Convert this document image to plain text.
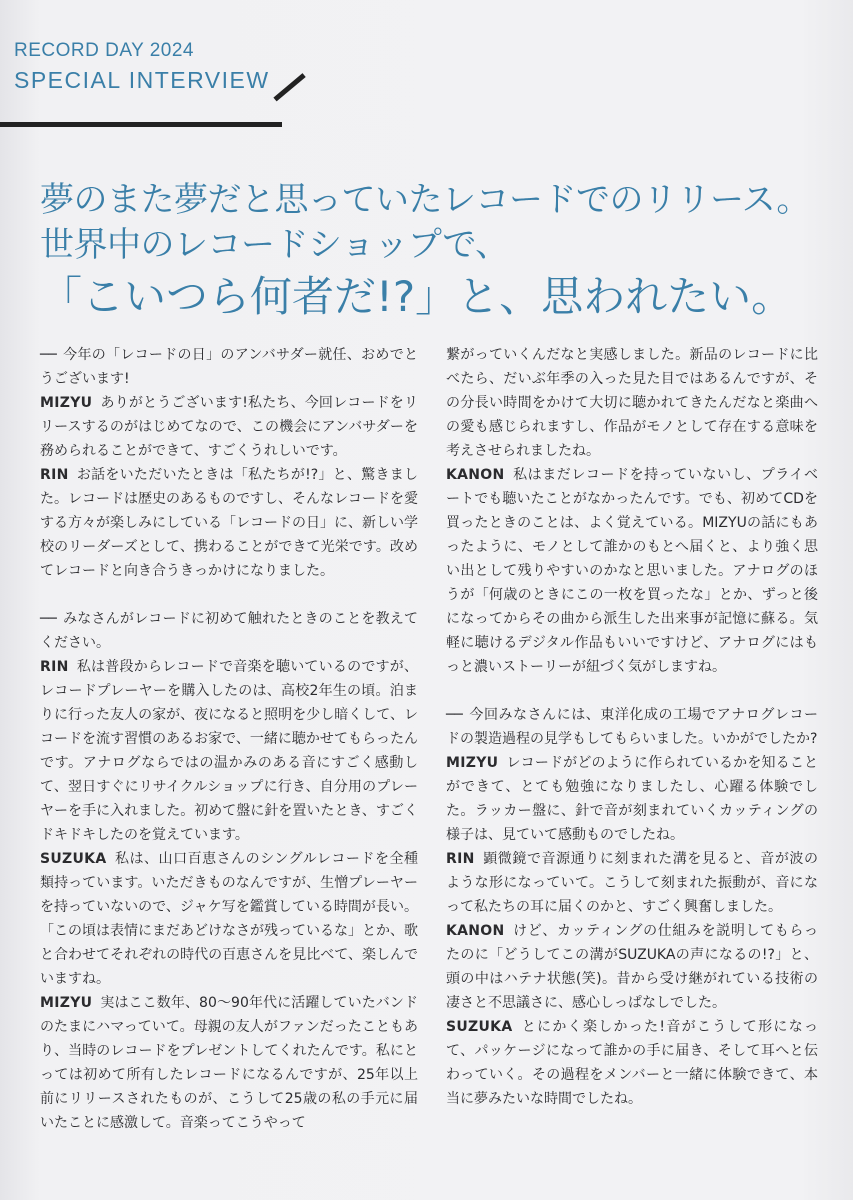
RECORD DAY 2024
SPECIAL INTERVIEW
夢のまた夢だと思っていたレコードでのリリース。
世界中のレコードショップで、
「こいつら何者だ!?」と、思われたい。

── 今年の「レコードの日」のアンバサダー就任、おめでとうございます!

MIZYU ありがとうございます!私たち、今回レコードをリリースするのがはじめてなので、この機会にアンバサダーを務められることができて、すごくうれしいです。

RIN お話をいただいたときは「私たちが!?」と、驚きました。レコードは歴史のあるものですし、そんなレコードを愛する方々が楽しみにしている「レコードの日」に、新しい学校のリーダーズとして、携わることができて光栄です。改めてレコードと向き合うきっかけになりました。

── みなさんがレコードに初めて触れたときのことを教えてください。

RIN 私は普段からレコードで音楽を聴いているのですが、レコードプレーヤーを購入したのは、高校2年生の頃。泊まりに行った友人の家が、夜になると照明を少し暗くして、レコードを流す習慣のあるお家で、一緒に聴かせてもらったんです。アナログならではの温かみのある音にすごく感動して、翌日すぐにリサイクルショップに行き、自分用のプレーヤーを手に入れました。初めて盤に針を置いたとき、すごくドキドキしたのを覚えています。

SUZUKA 私は、山口百恵さんのシングルレコードを全種類持っています。いただきものなんですが、生憎プレーヤーを持っていないので、ジャケ写を鑑賞している時間が長い。「この頃は表情にまだあどけなさが残っているな」とか、歌と合わせてそれぞれの時代の百恵さんを見比べて、楽しんでいますね。

MIZYU 実はここ数年、80〜90年代に活躍していたバンドのたまにハマっていて。母親の友人がファンだったこともあり、当時のレコードをプレゼントしてくれたんです。私にとっては初めて所有したレコードになるんですが、25年以上前にリリースされたものが、こうして25歳の私の手元に届いたことに感激して。音楽ってこうやって

繋がっていくんだなと実感しました。新品のレコードに比べたら、だいぶ年季の入った見た目ではあるんですが、その分長い時間をかけて大切に聴かれてきたんだなと楽曲への愛も感じられますし、作品がモノとして存在する意味を考えさせられましたね。

KANON 私はまだレコードを持っていないし、プライベートでも聴いたことがなかったんです。でも、初めてCDを買ったときのことは、よく覚えている。MIZYUの話にもあったように、モノとして誰かのもとへ届くと、より強く思い出として残りやすいのかなと思いました。アナログのほうが「何歳のときにこの一枚を買ったな」とか、ずっと後になってからその曲から派生した出来事が記憶に蘇る。気軽に聴けるデジタル作品もいいですけど、アナログにはもっと濃いストーリーが紐づく気がしますね。

── 今回みなさんには、東洋化成の工場でアナログレコードの製造過程の見学もしてもらいました。いかがでしたか?

MIZYU レコードがどのように作られているかを知ることができて、とても勉強になりましたし、心躍る体験でした。ラッカー盤に、針で音が刻まれていくカッティングの様子は、見ていて感動ものでしたね。

RIN 顕微鏡で音源通りに刻まれた溝を見ると、音が波のような形になっていて。こうして刻まれた振動が、音になって私たちの耳に届くのかと、すごく興奮しました。

KANON けど、カッティングの仕組みを説明してもらったのに「どうしてこの溝がSUZUKAの声になるの!?」と、頭の中はハテナ状態(笑)。昔から受け継がれている技術の凄さと不思議さに、感心しっぱなしでした。

SUZUKA とにかく楽しかった!音がこうして形になって、パッケージになって誰かの手に届き、そして耳へと伝わっていく。その過程をメンバーと一緒に体験できて、本当に夢みたいな時間でしたね。
